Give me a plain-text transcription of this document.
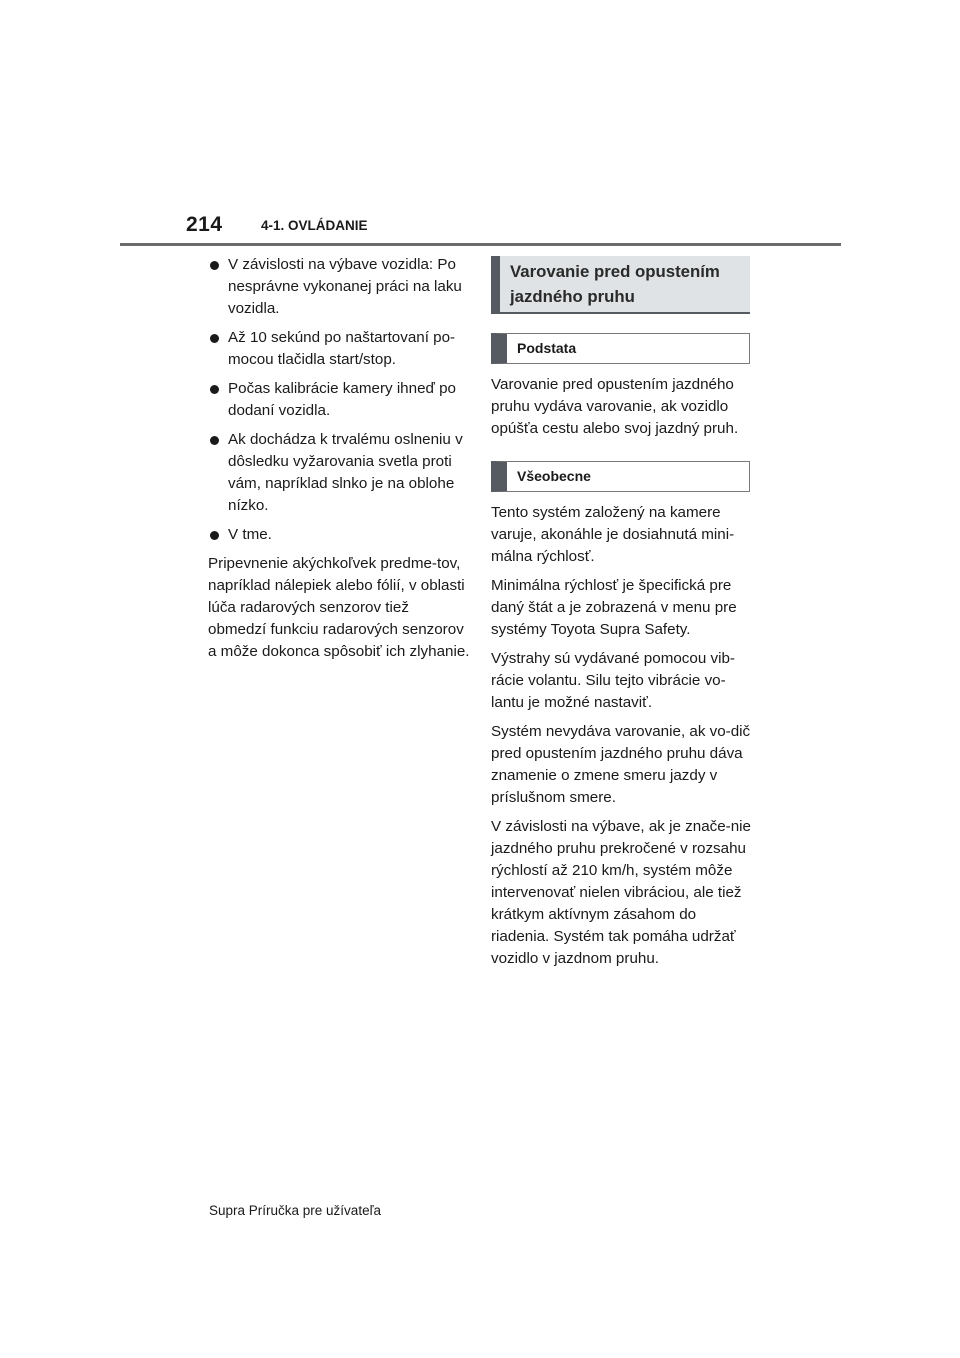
214	4-1. OVLÁDANIE
V závislosti na výbave vozidla: Po nesprávne vykonanej práci na laku vozidla.
Až 10 sekúnd po naštartovaní po-mocou tlačidla start/stop.
Počas kalibrácie kamery ihneď po dodaní vozidla.
Ak dochádza k trvalému oslneniu v dôsledku vyžarovania svetla proti vám, napríklad slnko je na oblohe nízko.
V tme.

Pripevnenie akýchkoľvek predme-tov, napríklad nálepiek alebo fólií, v oblasti lúča radarových senzorov tiež obmedzí funkciu radarových senzorov a môže dokonca spôsobiť ich zlyhanie.

Varovanie pred opustením jazdného pruhu
Podstata

Varovanie pred opustením jazdného pruhu vydáva varovanie, ak vozidlo opúšťa cestu alebo svoj jazdný pruh.

Všeobecne

Tento systém založený na kamere varuje, akonáhle je dosiahnutá mini-málna rýchlosť.

Minimálna rýchlosť je špecifická pre daný štát a je zobrazená v menu pre systémy Toyota Supra Safety.

Výstrahy sú vydávané pomocou vib-rácie volantu. Silu tejto vibrácie vo-lantu je možné nastaviť.

Systém nevydáva varovanie, ak vo-dič pred opustením jazdného pruhu dáva znamenie o zmene smeru jazdy v príslušnom smere.

V závislosti na výbave, ak je znače-nie jazdného pruhu prekročené v rozsahu rýchlostí až 210 km/h, systém môže intervenovať nielen vibráciou, ale tiež krátkym aktívnym zásahom do riadenia. Systém tak pomáha udržať vozidlo v jazdnom pruhu.

Supra Príručka pre užívateľa
